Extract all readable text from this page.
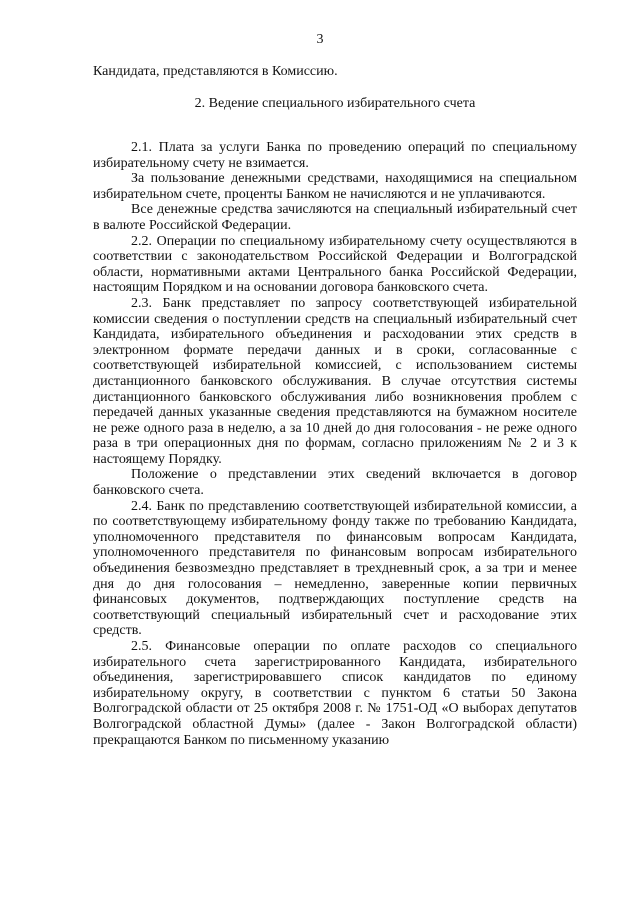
3

Кандидата, представляются в Комиссию.

2. Ведение специального избирательного счета

2.1. Плата за услуги Банка по проведению операций по специальному избирательному счету не взимается.

За пользование денежными средствами, находящимися на специальном избирательном счете, проценты Банком не начисляются и не уплачиваются.

Все денежные средства зачисляются на специальный избирательный счет в валюте Российской Федерации.

2.2. Операции по специальному избирательному счету осуществляются в соответствии с законодательством Российской Федерации и Волгоградской области, нормативными актами Центрального банка Российской Федерации, настоящим Порядком и на основании договора банковского счета.

2.3. Банк представляет по запросу соответствующей избирательной комиссии сведения о поступлении средств на специальный избирательный счет Кандидата, избирательного объединения и расходовании этих средств в электронном формате передачи данных и в сроки, согласованные с соответствующей избирательной комиссией, с использованием системы дистанционного банковского обслуживания. В случае отсутствия системы дистанционного банковского обслуживания либо возникновения проблем с передачей данных указанные сведения представляются на бумажном носителе не реже одного раза в неделю, а за 10 дней до дня голосования - не реже одного раза в три операционных дня по формам, согласно приложениям № 2 и 3 к настоящему Порядку.

Положение о представлении этих сведений включается в договор банковского счета.

2.4. Банк по представлению соответствующей избирательной комиссии, а по соответствующему избирательному фонду также по требованию Кандидата, уполномоченного представителя по финансовым вопросам Кандидата, уполномоченного представителя по финансовым вопросам избирательного объединения безвозмездно представляет в трехдневный срок, а за три и менее дня до дня голосования – немедленно, заверенные копии первичных финансовых документов, подтверждающих поступление средств на соответствующий специальный избирательный счет и расходование этих средств.

2.5. Финансовые операции по оплате расходов со специального избирательного счета зарегистрированного Кандидата, избирательного объединения, зарегистрировавшего список кандидатов по единому избирательному округу, в соответствии с пунктом 6 статьи 50 Закона Волгоградской области от 25 октября 2008 г. № 1751-ОД «О выборах депутатов Волгоградской областной Думы» (далее - Закон Волгоградской области) прекращаются Банком по письменному указанию
